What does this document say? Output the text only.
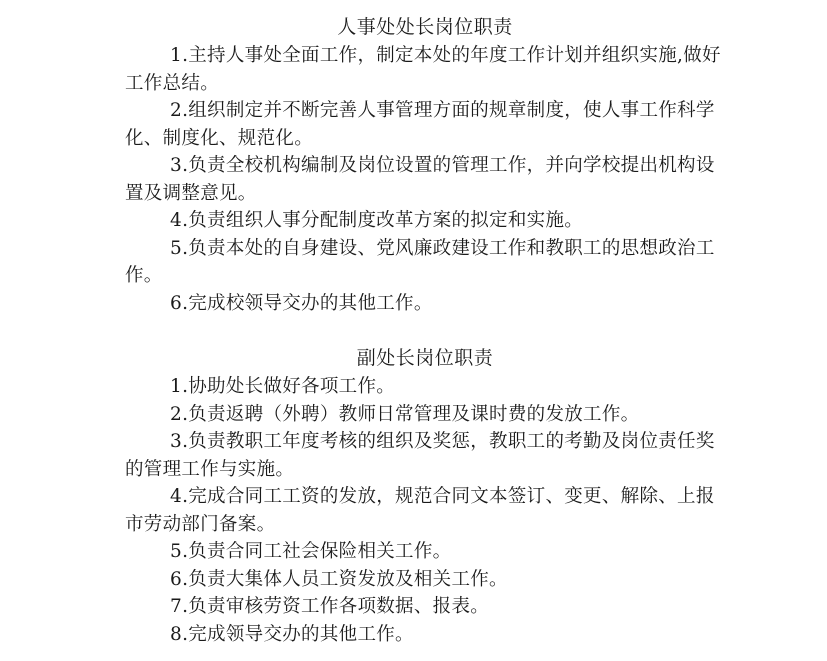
人事处处长岗位职责
1.主持人事处全面工作，制定本处的年度工作计划并组织实施,做好工作总结。
2.组织制定并不断完善人事管理方面的规章制度，使人事工作科学化、制度化、规范化。
3.负责全校机构编制及岗位设置的管理工作，并向学校提出机构设置及调整意见。
4.负责组织人事分配制度改革方案的拟定和实施。
5.负责本处的自身建设、党风廉政建设工作和教职工的思想政治工作。
6.完成校领导交办的其他工作。
副处长岗位职责
1.协助处长做好各项工作。
2.负责返聘（外聘）教师日常管理及课时费的发放工作。
3.负责教职工年度考核的组织及奖惩，教职工的考勤及岗位责任奖的管理工作与实施。
4.完成合同工工资的发放，规范合同文本签订、变更、解除、上报市劳动部门备案。
5.负责合同工社会保险相关工作。
6.负责大集体人员工资发放及相关工作。
7.负责审核劳资工作各项数据、报表。
8.完成领导交办的其他工作。
